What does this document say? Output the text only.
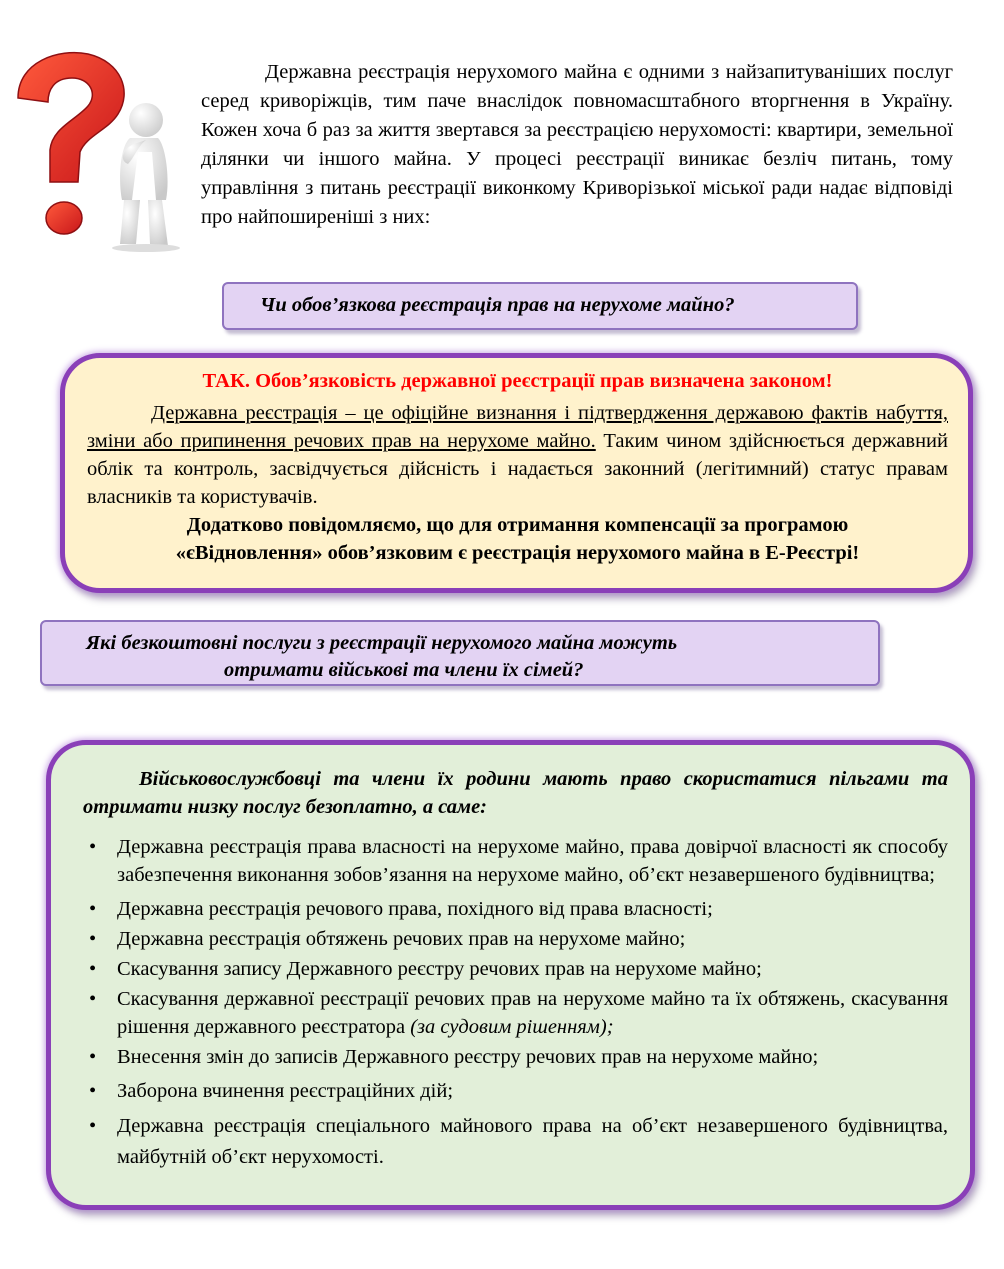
Державна реєстрація нерухомого майна є одними з найзапитуваніших послуг серед криворіжців, тим паче внаслідок повномасштабного вторгнення в Україну. Кожен хоча б раз за життя звертався за реєстрацією нерухомості: квартири, земельної ділянки чи іншого майна. У процесі реєстрації виникає безліч питань, тому управління з питань реєстрації виконкому Криворізької міської ради надає відповіді про найпоширеніші з них:

Чи обов’язкова реєстрація прав на нерухоме майно?

ТАК. Обов’язковість державної реєстрації прав визначена законом!

Державна реєстрація – це офіційне визнання і підтвердження державою фактів набуття, зміни або припинення речових прав на нерухоме майно. Таким чином здійснюється державний облік та контроль, засвідчується дійсність і надається законний (легітимний) статус правам власників та користувачів.

Додатково повідомляємо, що для отримання компенсації за програмою
«єВідновлення» обов’язковим є реєстрація нерухомого майна в Е-Реєстрі!

Які безкоштовні послуги з реєстрації нерухомого майна можуть
отримати військові та члени їх сімей?

Військовослужбовці та члени їх родини мають право скористатися пільгами та отримати низку послуг безоплатно, а саме:

• Державна реєстрація права власності на нерухоме майно, права довірчої власності як способу забезпечення виконання зобов’язання на нерухоме майно, об’єкт незавершеного будівництва;
• Державна реєстрація речового права, похідного від права власності;
• Державна реєстрація обтяжень речових прав на нерухоме майно;
• Скасування запису Державного реєстру речових прав на нерухоме майно;
• Скасування державної реєстрації речових прав на нерухоме майно та їх обтяжень, скасування рішення державного реєстратора (за судовим рішенням);
• Внесення змін до записів Державного реєстру речових прав на нерухоме майно;
• Заборона вчинення реєстраційних дій;
• Державна реєстрація спеціального майнового права на об’єкт незавершеного будівництва, майбутній об’єкт нерухомості.
